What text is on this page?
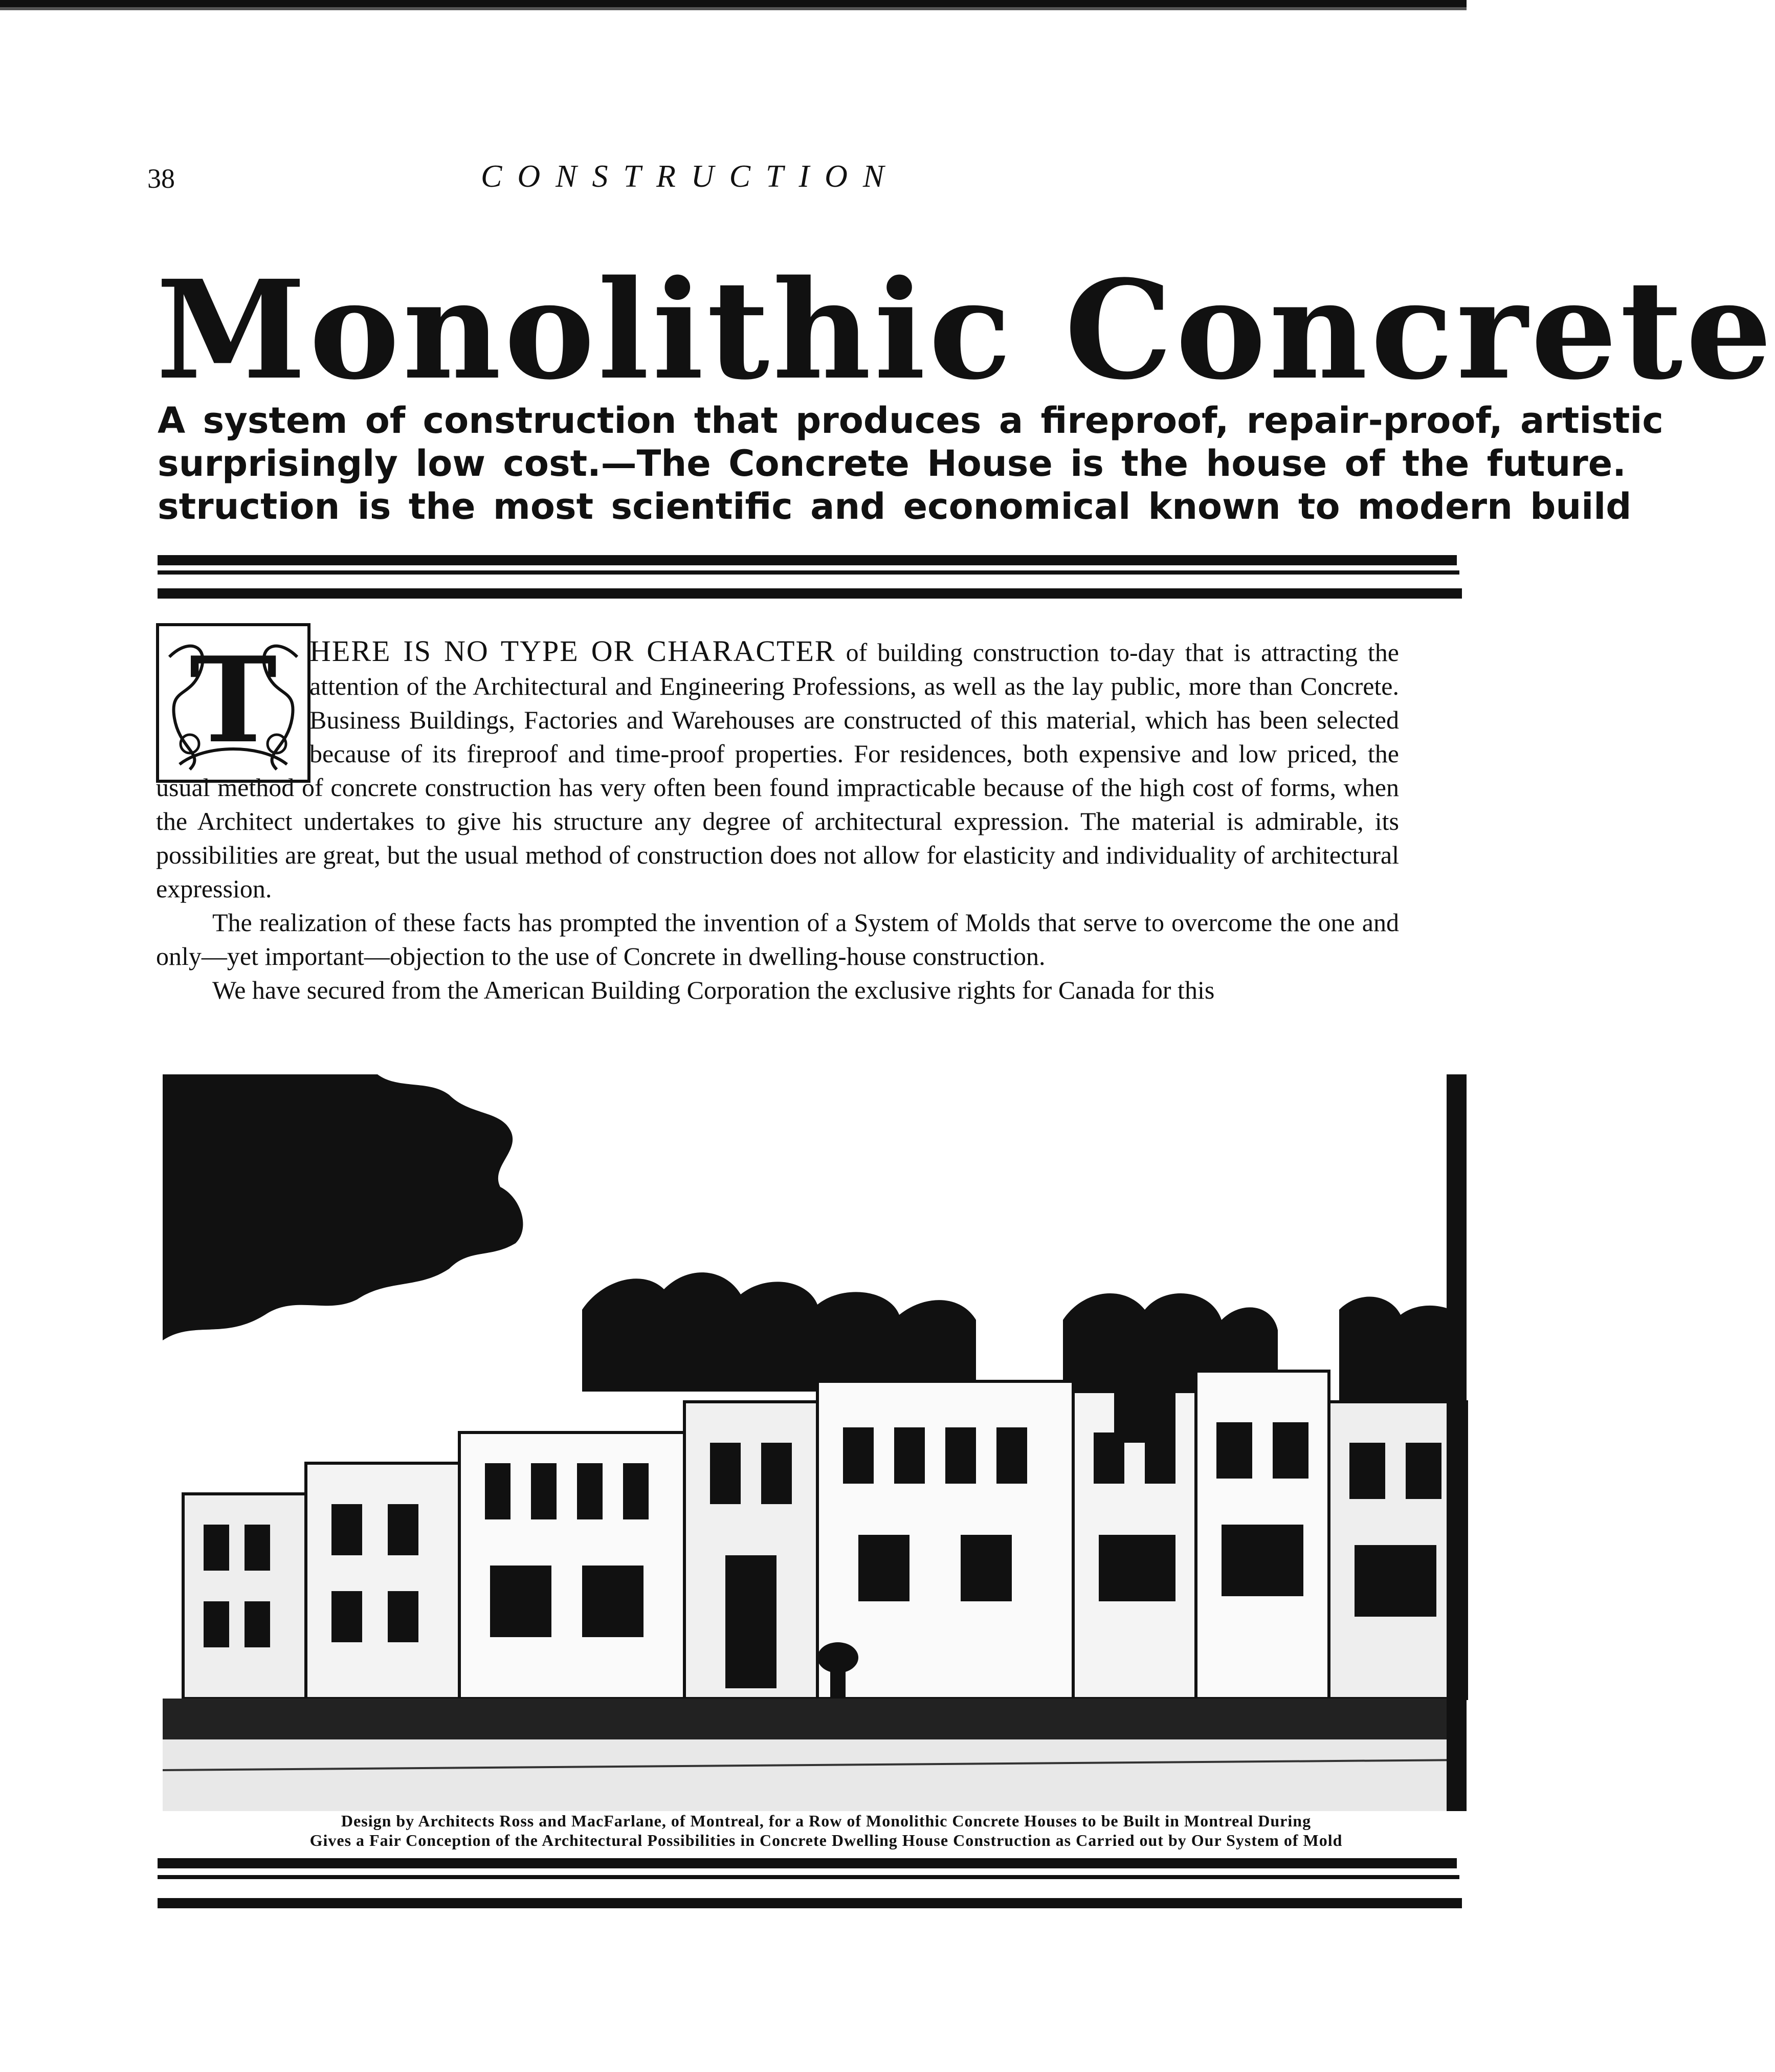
38	CONSTRUCTION
Monolithic Concrete
A system of construction that produces a fireproof, repair-proof, artistic
surprisingly low cost.—The Concrete House is the house of the future.
struction is the most scientific and economical known to modern build
T	HERE IS NO TYPE OR CHARACTER of building construction to-day that is attracting the attention of the Architectural and Engineering Professions, as well as the lay public, more than Concrete. Business Buildings, Factories and Warehouses are constructed of this material, which has been selected because of its fireproof and time-proof properties. For residences, both expensive and low priced, the usual method of concrete construction has very often been found impracticable because of the high cost of forms, when the Architect undertakes to give his structure any degree of architectural expression. The material is admirable, its possibilities are great, but the usual method of construction does not allow for elasticity and individuality of architectural expression.
The realization of these facts has prompted the invention of a System of Molds that serve to overcome the one and only—yet important—objection to the use of Concrete in dwelling-house construction.
We have secured from the American Building Corporation the exclusive rights for Canada for this
Design by Architects Ross and MacFarlane, of Montreal, for a Row of Monolithic Concrete Houses to be Built in Montreal During
Gives a Fair Conception of the Architectural Possibilities in Concrete Dwelling House Construction as Carried out by Our System of Mold
